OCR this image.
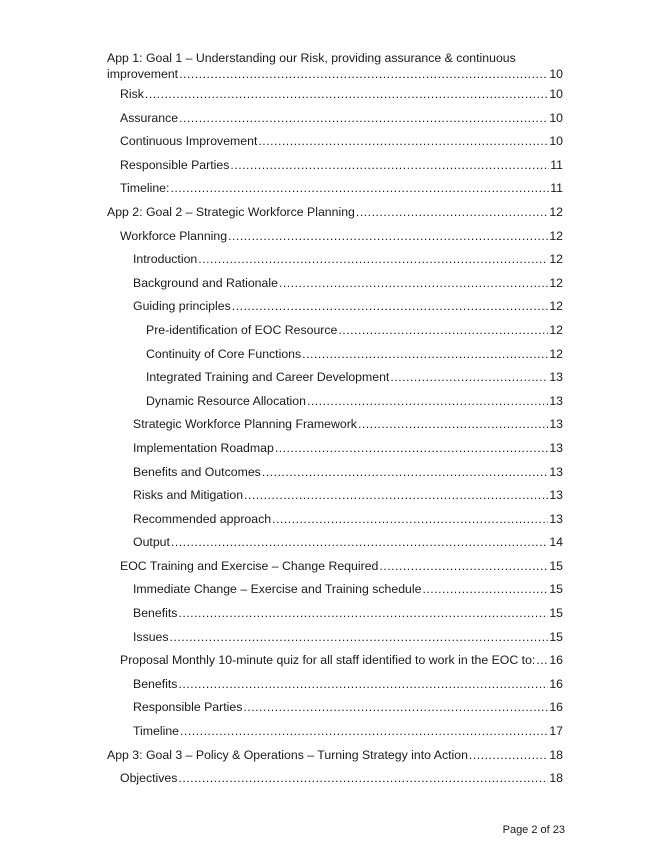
App 1: Goal 1 – Understanding our Risk, providing assurance & continuous
improvement .....	10
Risk .....	10
Assurance .....	10
Continuous Improvement .....	10
Responsible Parties .....	11
Timeline: .....	11
App 2: Goal 2 – Strategic Workforce Planning .....	12
Workforce Planning .....	12
Introduction .....	12
Background and Rationale .....	12
Guiding principles .....	12
Pre-identification of EOC Resource .....	12
Continuity of Core Functions .....	12
Integrated Training and Career Development .....	13
Dynamic Resource Allocation .....	13
Strategic Workforce Planning Framework .....	13
Implementation Roadmap .....	13
Benefits and Outcomes .....	13
Risks and Mitigation .....	13
Recommended approach .....	13
Output .....	14
EOC Training and Exercise – Change Required .....	15
Immediate Change – Exercise and Training schedule .....	15
Benefits .....	15
Issues .....	15
Proposal Monthly 10-minute quiz for all staff identified to work in the EOC to: ..... 16
Benefits .....	16
Responsible Parties .....	16
Timeline .....	17
App 3: Goal 3 – Policy & Operations – Turning Strategy into Action .....	18
Objectives .....	18
Page 2 of 23
